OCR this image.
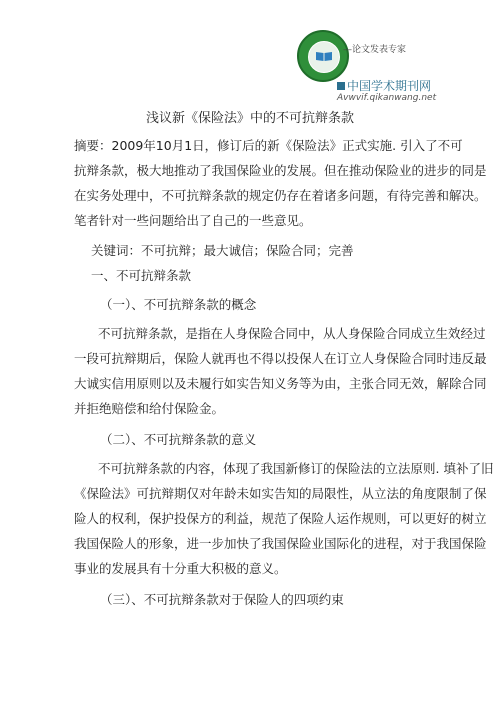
—论文发表专家
中国学术期刊网
Avwvif.qikanwang.net
浅议新《保险法》中的不可抗辩条款
摘要：2009年10月1日，修订后的新《保险法》正式实施. 引入了不可
抗辩条款，极大地推动了我国保险业的发展。但在推动保险业的进步的同是
在实务处理中，不可抗辩条款的规定仍存在着诸多问题，有待完善和解决。
笔者针对一些问题给出了自己的一些意见。
关键词：不可抗辩；最大诚信；保险合同；完善
一、不可抗辩条款
（一）、不可抗辩条款的概念
不可抗辩条款，是指在人身保险合同中，从人身保险合同成立生效经过
一段可抗辩期后，保险人就再也不得以投保人在订立人身保险合同时违反最
大诚实信用原则以及未履行如实告知义务等为由，主张合同无效，解除合同
并拒绝赔偿和给付保险金。
（二）、不可抗辩条款的意义
不可抗辩条款的内容，体现了我国新修订的保险法的立法原则. 填补了旧
《保险法》可抗辩期仅对年龄未如实告知的局限性，从立法的角度限制了保
险人的权利，保护投保方的利益，规范了保险人运作规则，可以更好的树立
我国保险人的形象，进一步加快了我国保险业国际化的进程，对于我国保险
事业的发展具有十分重大积极的意义。
（三）、不可抗辩条款对于保险人的四项约束
